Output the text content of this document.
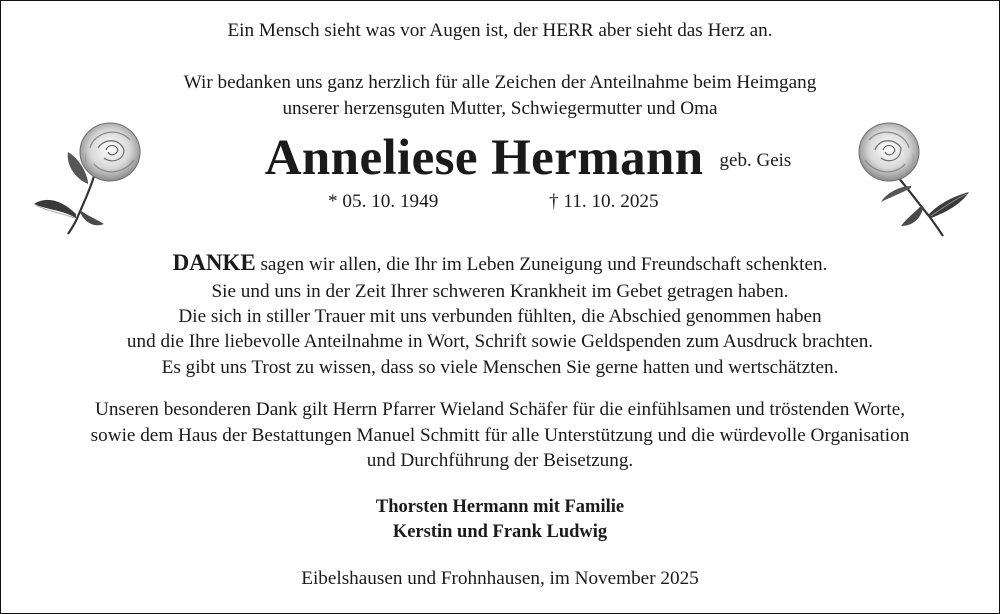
Ein Mensch sieht was vor Augen ist, der HERR aber sieht das Herz an.
Wir bedanken uns ganz herzlich für alle Zeichen der Anteilnahme beim Heimgang
unserer herzensguten Mutter, Schwiegermutter und Oma
Anneliese Hermann geb. Geis
* 05. 10. 1949	† 11. 10. 2025
DANKE sagen wir allen, die Ihr im Leben Zuneigung und Freundschaft schenkten.
Sie und uns in der Zeit Ihrer schweren Krankheit im Gebet getragen haben.
Die sich in stiller Trauer mit uns verbunden fühlten, die Abschied genommen haben
und die Ihre liebevolle Anteilnahme in Wort, Schrift sowie Geldspenden zum Ausdruck brachten.
Es gibt uns Trost zu wissen, dass so viele Menschen Sie gerne hatten und wertschätzten.
Unseren besonderen Dank gilt Herrn Pfarrer Wieland Schäfer für die einfühlsamen und tröstenden Worte,
sowie dem Haus der Bestattungen Manuel Schmitt für alle Unterstützung und die würdevolle Organisation
und Durchführung der Beisetzung.
Thorsten Hermann mit Familie
Kerstin und Frank Ludwig
Eibelshausen und Frohnhausen, im November 2025
